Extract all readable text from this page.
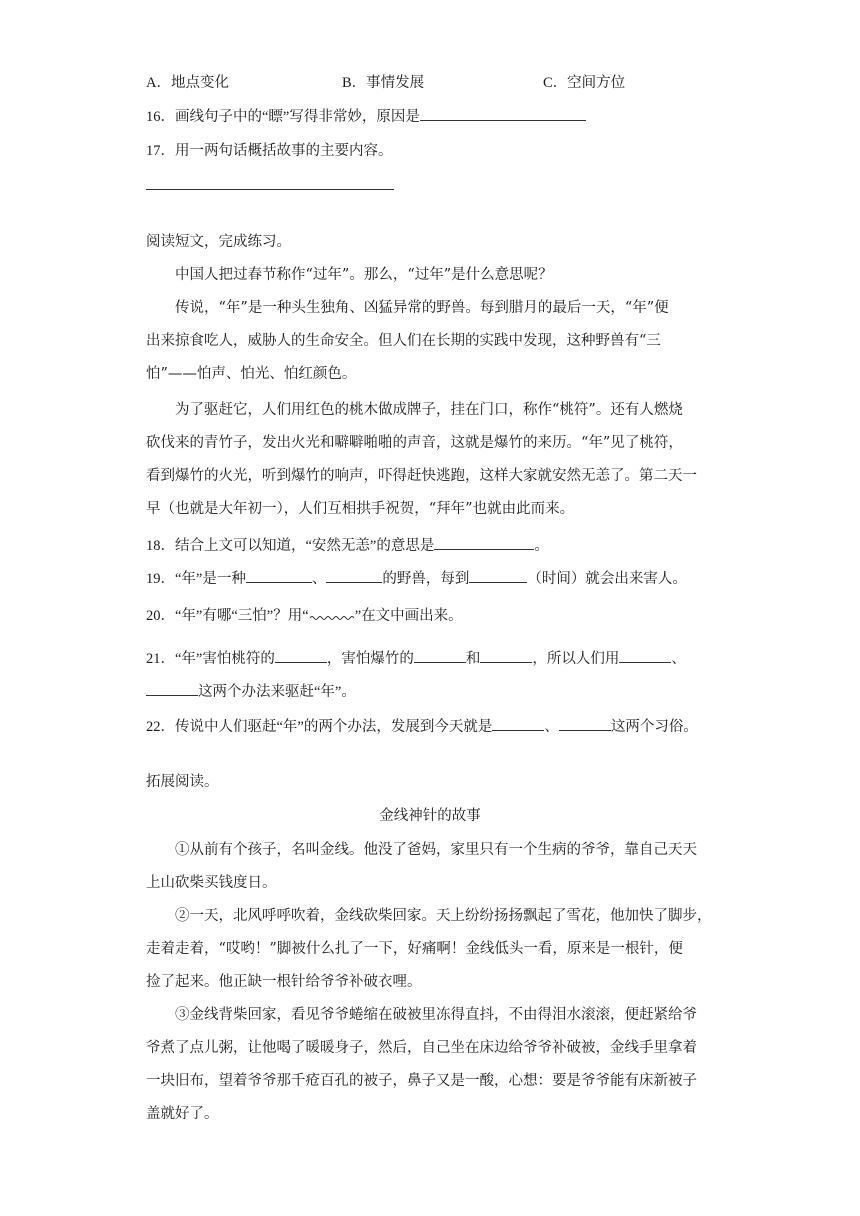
A．地点变化	B．事情发展	C．空间方位
16．画线句子中的“瞟”写得非常妙，原因是
17．用一两句话概括故事的主要内容。
阅读短文，完成练习。
中国人把过春节称作“过年”。那么，“过年”是什么意思呢？
传说，“年”是一种头生独角、凶猛异常的野兽。每到腊月的最后一天，“年”便
出来掠食吃人，威胁人的生命安全。但人们在长期的实践中发现，这种野兽有“三
怕”——怕声、怕光、怕红颜色。
为了驱赶它，人们用红色的桃木做成牌子，挂在门口，称作“桃符”。还有人燃烧
砍伐来的青竹子，发出火光和噼噼啪啪的声音，这就是爆竹的来历。“年”见了桃符，
看到爆竹的火光，听到爆竹的响声，吓得赶快逃跑，这样大家就安然无恙了。第二天一
早（也就是大年初一），人们互相拱手祝贺，“拜年”也就由此而来。
18．结合上文可以知道，“安然无恙”的意思是	。
19．“年”是一种	、	的野兽，每到	（时间）就会出来害人。
20．“年”有哪“三怕”？用“	”在文中画出来。
21．“年”害怕桃符的	，害怕爆竹的	和	，所以人们用	、
这两个办法来驱赶“年”。
22．传说中人们驱赶“年”的两个办法，发展到今天就是	、	这两个习俗。
拓展阅读。
金线神针的故事
①从前有个孩子，名叫金线。他没了爸妈，家里只有一个生病的爷爷，靠自己天天
上山砍柴买钱度日。
②一天，北风呼呼吹着，金线砍柴回家。天上纷纷扬扬飘起了雪花，他加快了脚步，
走着走着，“哎哟！”脚被什么扎了一下，好痛啊！金线低头一看，原来是一根针，便
捡了起来。他正缺一根针给爷爷补破衣哩。
③金线背柴回家，看见爷爷蜷缩在破被里冻得直抖，不由得泪水滚滚，便赶紧给爷
爷煮了点儿粥，让他喝了暖暖身子，然后，自己坐在床边给爷爷补破被，金线手里拿着
一块旧布，望着爷爷那千疮百孔的被子，鼻子又是一酸，心想：要是爷爷能有床新被子
盖就好了。
